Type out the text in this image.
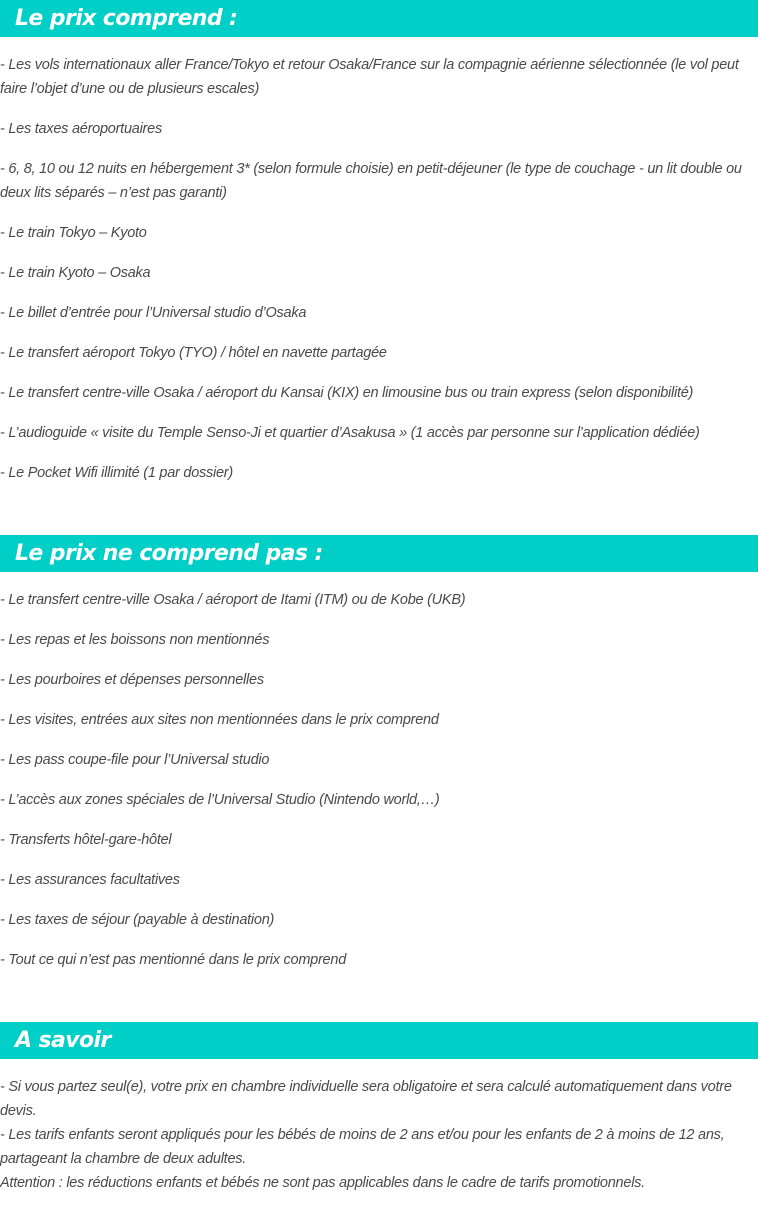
Le prix comprend :

- Les vols internationaux aller France/Tokyo et retour Osaka/France sur la compagnie aérienne sélectionnée (le vol peut faire l’objet d’une ou de plusieurs escales)

- Les taxes aéroportuaires

- 6, 8, 10 ou 12 nuits en hébergement 3* (selon formule choisie) en petit-déjeuner (le type de couchage - un lit double ou deux lits séparés – n’est pas garanti)

- Le train Tokyo – Kyoto

- Le train Kyoto – Osaka

- Le billet d’entrée pour l’Universal studio d’Osaka

- Le transfert aéroport Tokyo (TYO) / hôtel en navette partagée

- Le transfert centre-ville Osaka / aéroport du Kansai (KIX) en limousine bus ou train express (selon disponibilité)

- L’audioguide « visite du Temple Senso-Ji et quartier d’Asakusa » (1 accès par personne sur l’application dédiée)

- Le Pocket Wifi illimité (1 par dossier)

Le prix ne comprend pas :

- Le transfert centre-ville Osaka / aéroport de Itami (ITM) ou de Kobe (UKB)

- Les repas et les boissons non mentionnés

- Les pourboires et dépenses personnelles

- Les visites, entrées aux sites non mentionnées dans le prix comprend

- Les pass coupe-file pour l’Universal studio

- L’accès aux zones spéciales de l’Universal Studio (Nintendo world,…)

- Transferts hôtel-gare-hôtel

- Les assurances facultatives

- Les taxes de séjour (payable à destination)

- Tout ce qui n’est pas mentionné dans le prix comprend

A savoir

- Si vous partez seul(e), votre prix en chambre individuelle sera obligatoire et sera calculé automatiquement dans votre devis.

- Les tarifs enfants seront appliqués pour les bébés de moins de 2 ans et/ou pour les enfants de 2 à moins de 12 ans, partageant la chambre de deux adultes.

Attention : les réductions enfants et bébés ne sont pas applicables dans le cadre de tarifs promotionnels.
